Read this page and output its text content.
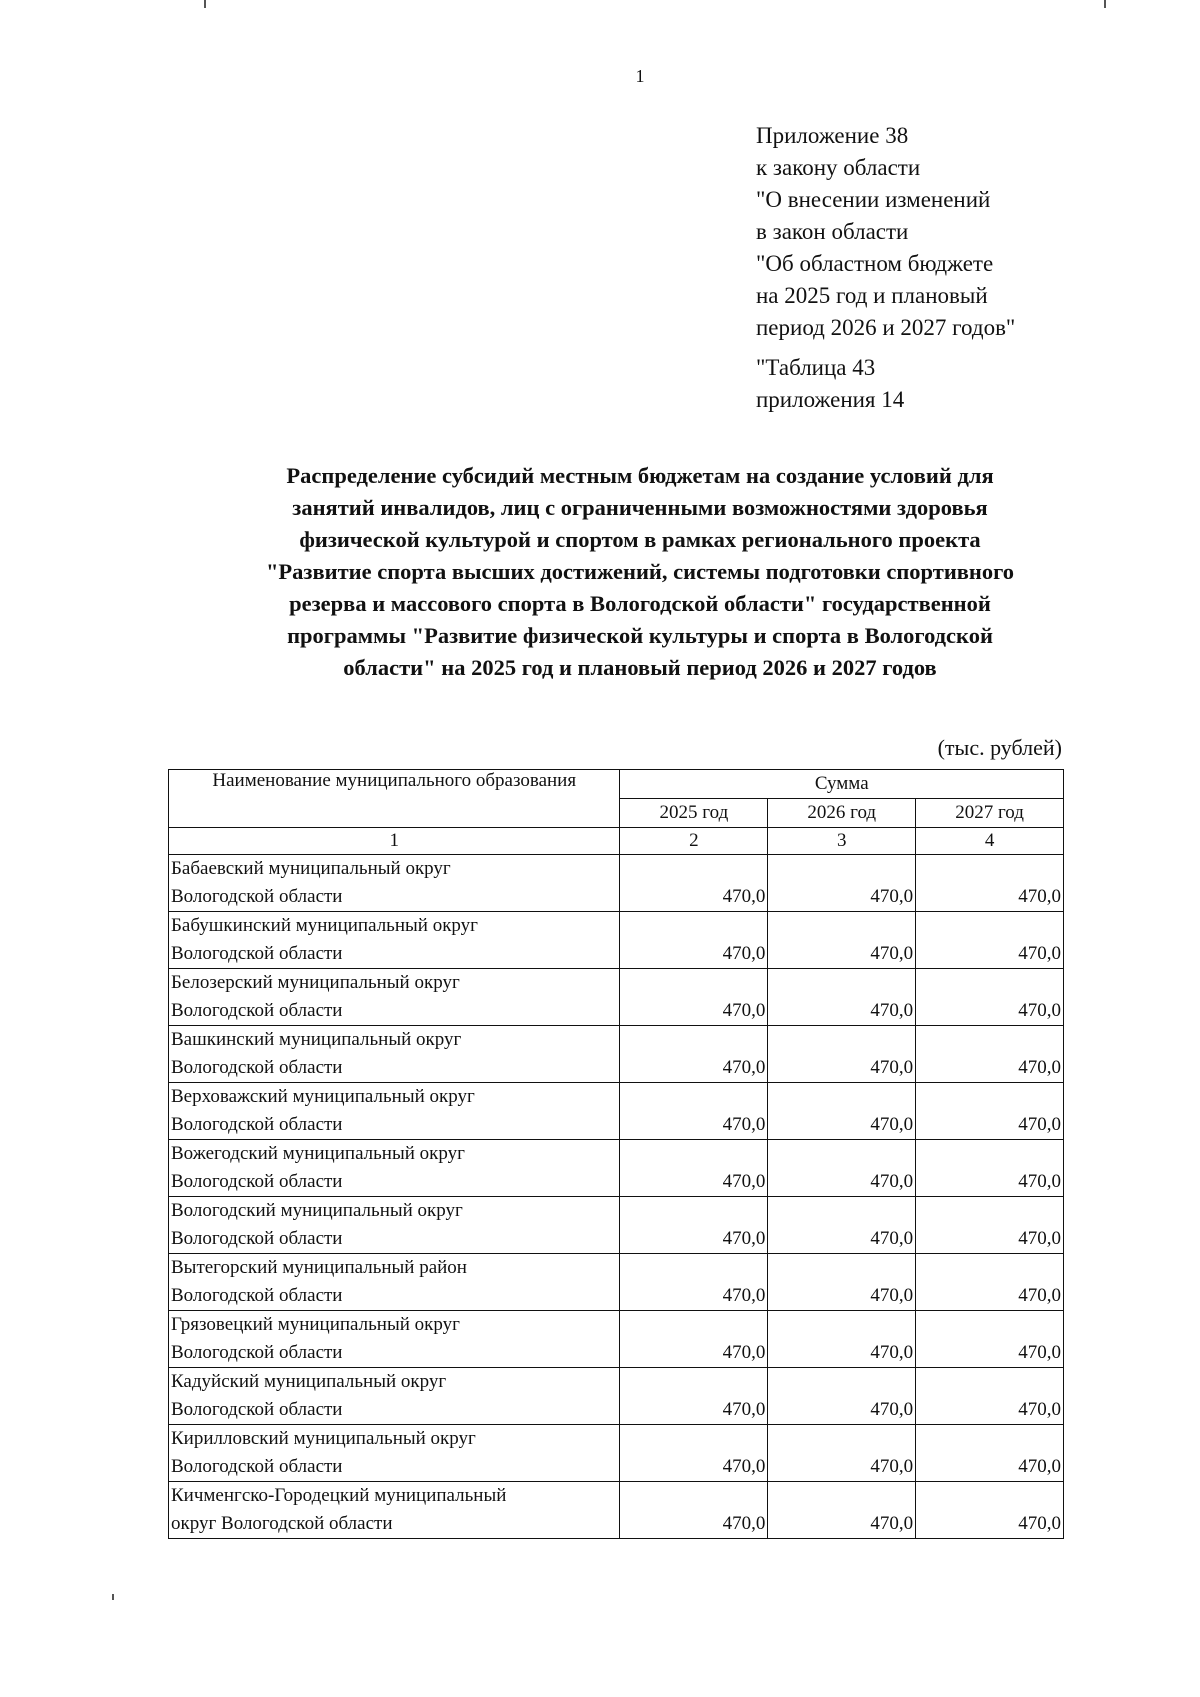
1
Приложение 38
к закону области
"О внесении изменений
в закон области
"Об областном бюджете
на 2025 год и плановый
период 2026 и 2027 годов"
"Таблица 43
приложения 14
Распределение субсидий местным бюджетам на создание условий для
занятий инвалидов, лиц с ограниченными возможностями здоровья
физической культурой и спортом в рамках регионального проекта
"Развитие спорта высших достижений, системы подготовки спортивного
резерва и массового спорта в Вологодской области" государственной
программы "Развитие физической культуры и спорта в Вологодской
области" на 2025 год и плановый период 2026 и 2027 годов
(тыс. рублей)
Наименование муниципального образования	Сумма		
	2025 год	2026 год	2027 год
1	2	3	4

Бабаевский муниципальный округ
Вологодской области	470,0	470,0	470,0

Бабушкинский муниципальный округ
Вологодской области	470,0	470,0	470,0

Белозерский муниципальный округ
Вологодской области	470,0	470,0	470,0

Вашкинский муниципальный округ
Вологодской области	470,0	470,0	470,0

Верховажский муниципальный округ
Вологодской области	470,0	470,0	470,0

Вожегодский муниципальный округ
Вологодской области	470,0	470,0	470,0

Вологодский муниципальный округ
Вологодской области	470,0	470,0	470,0

Вытегорский муниципальный район
Вологодской области	470,0	470,0	470,0

Грязовецкий муниципальный округ
Вологодской области	470,0	470,0	470,0

Кадуйский муниципальный округ
Вологодской области	470,0	470,0	470,0

Кирилловский муниципальный округ
Вологодской области	470,0	470,0	470,0

Кичменгско-Городецкий муниципальный
округ Вологодской области	470,0	470,0	470,0
